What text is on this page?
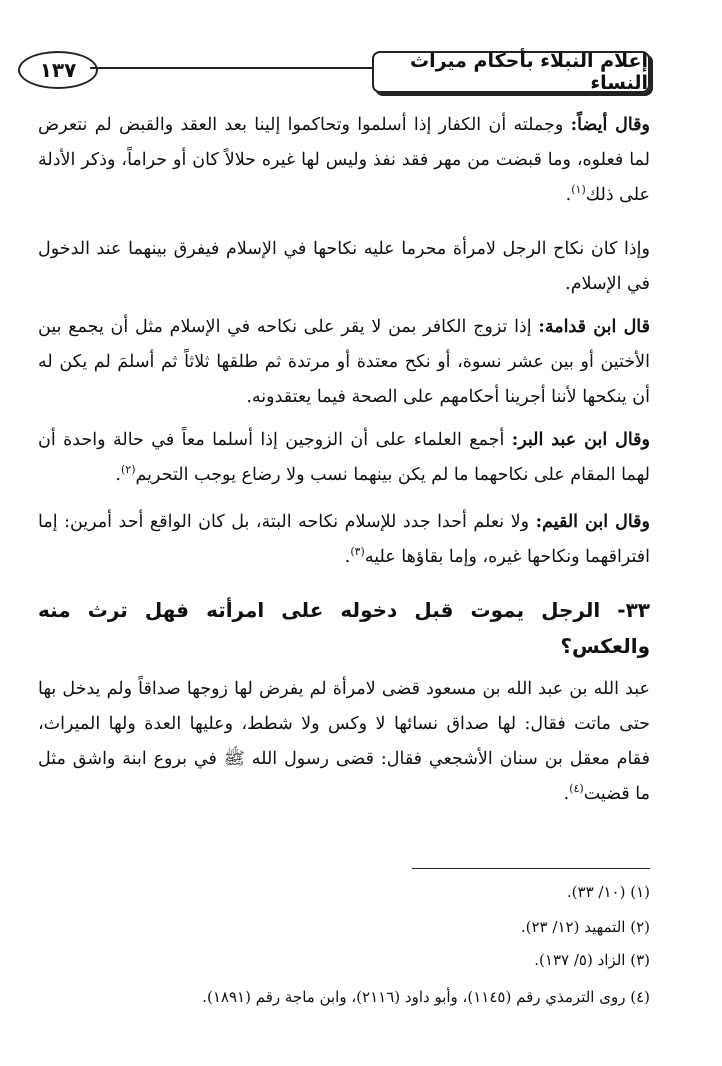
إعلام النبلاء بأحكام ميراث النساء
١٣٧

وقال أيضاً: وجملته أن الكفار إذا أسلموا وتحاكموا إلينا بعد العقد والقبض لم نتعرض لما فعلوه، وما قبضت من مهر فقد نفذ وليس لها غيره حلالاً كان أو حراماً، وذكر الأدلة على ذلك$^{(١)}$.

وإذا كان نكاح الرجل لامرأة محرما عليه نكاحها في الإسلام فيفرق بينهما عند الدخول في الإسلام.

قال ابن قدامة: إذا تزوج الكافر بمن لا يقر على نكاحه في الإسلام مثل أن يجمع بين الأختين أو بين عشر نسوة، أو نكح معتدة أو مرتدة ثم طلقها ثلاثاً ثم أسلمَ لم يكن له أن ينكحها لأننا أجرينا أحكامهم على الصحة فيما يعتقدونه.

وقال ابن عبد البر: أجمع العلماء على أن الزوجين إذا أسلما معاً في حالة واحدة أن لهما المقام على نكاحهما ما لم يكن بينهما نسب ولا رضاع يوجب التحريم$^{(٢)}$.

وقال ابن القيم: ولا نعلم أحدا جدد للإسلام نكاحه البتة، بل كان الواقع أحد أمرين: إما افتراقهما ونكاحها غيره، وإما بقاؤها عليه$^{(٣)}$.

٣٣- الرجل يموت قبل دخوله على امرأته فهل ترث منه والعكس؟

عبد الله بن عبد الله بن مسعود قضى لامرأة لم يفرض لها زوجها صداقاً ولم يدخل بها حتى ماتت فقال: لها صداق نسائها لا وكس ولا شطط، وعليها العدة ولها الميراث، فقام معقل بن سنان الأشجعي فقال: قضى رسول الله ﷺ في بروع ابنة واشق مثل ما قضيت$^{(٤)}$.

(١) (١٠/ ٣٣).

(٢) التمهيد (١٢/ ٢٣).

(٣) الزاد (٥/ ١٣٧).

(٤) روى الترمذي رقم (١١٤٥)، وأبو داود (٢١١٦)، وابن ماجة رقم (١٨٩١).
